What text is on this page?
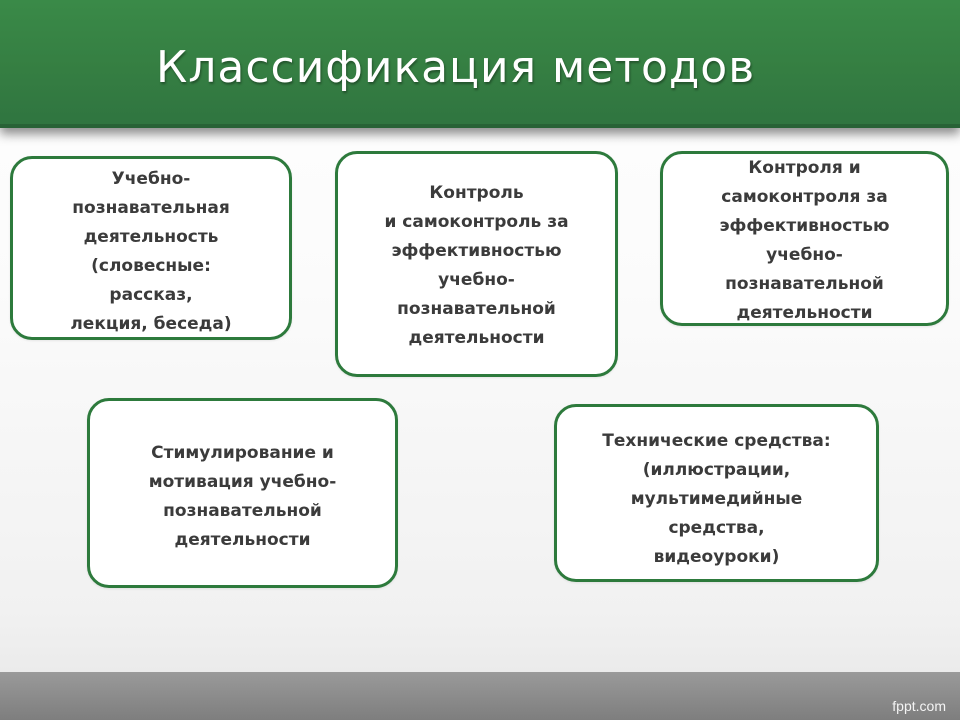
Классификация методов

Учебно-
познавательная
деятельность
(словесные:
рассказ,
лекция, беседа)

Контроль
и самоконтроль за
эффективностью
учебно-
познавательной
деятельности

Контроля и
самоконтроля за
эффективностью
учебно-
познавательной
деятельности

Стимулирование и
мотивация учебно-
познавательной
деятельности

Технические средства:
(иллюстрации,
мультимедийные
средства,
видеоуроки)

fppt.com
